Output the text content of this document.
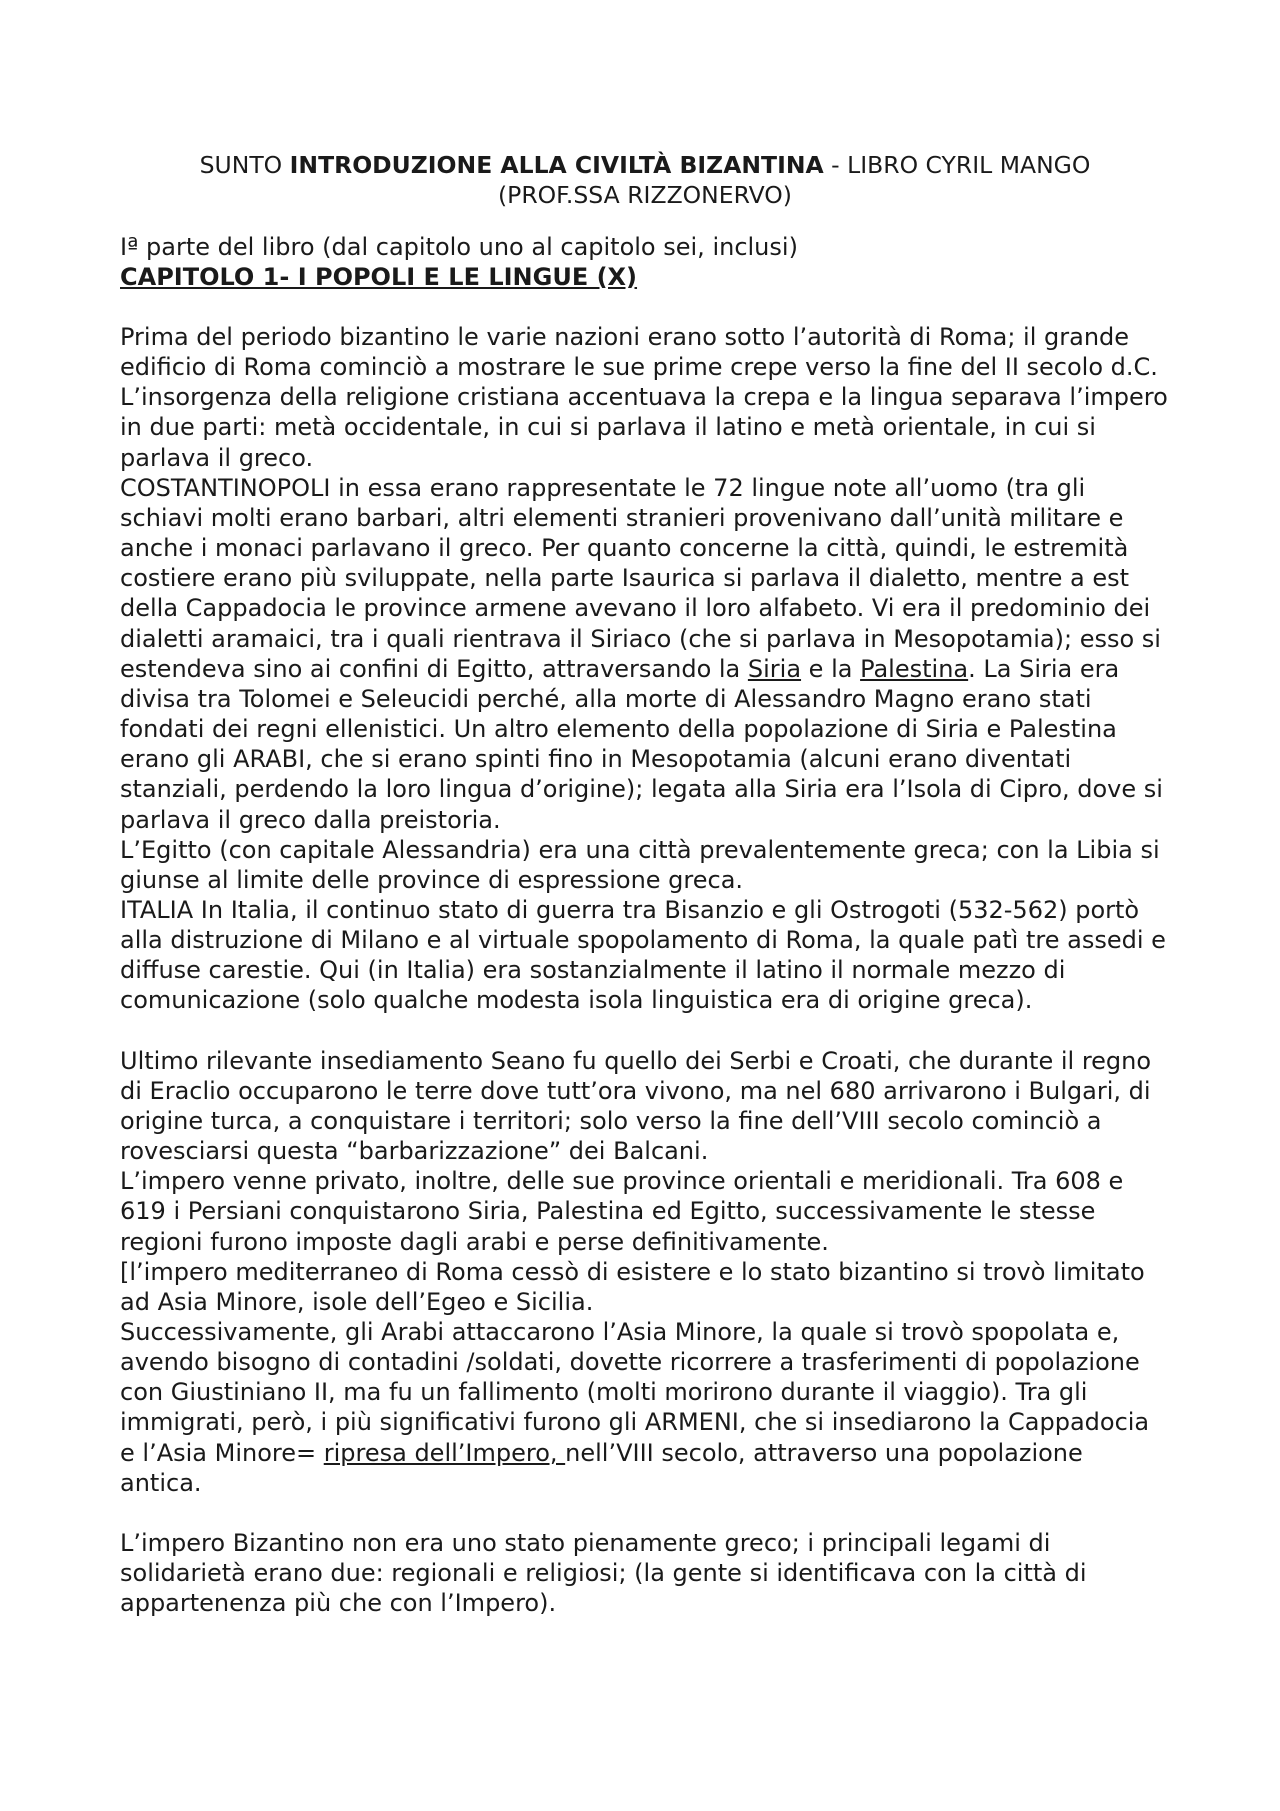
SUNTO INTRODUZIONE ALLA CIVILTÀ BIZANTINA - LIBRO CYRIL MANGO
(PROF.SSA RIZZONERVO)

Iª parte del libro (dal capitolo uno al capitolo sei, inclusi)

CAPITOLO 1- I POPOLI E LE LINGUE (X)

Prima del periodo bizantino le varie nazioni erano sotto l’autorità di Roma; il grande edificio di Roma cominciò a mostrare le sue prime crepe verso la fine del II secolo d.C. L’insorgenza della religione cristiana accentuava la crepa e la lingua separava l’impero in due parti: metà occidentale, in cui si parlava il latino e metà orientale, in cui si parlava il greco.

COSTANTINOPOLI in essa erano rappresentate le 72 lingue note all’uomo (tra gli schiavi molti erano barbari, altri elementi stranieri provenivano dall’unità militare e anche i monaci parlavano il greco. Per quanto concerne la città, quindi, le estremità costiere erano più sviluppate, nella parte Isaurica si parlava il dialetto, mentre a est della Cappadocia le province armene avevano il loro alfabeto. Vi era il predominio dei dialetti aramaici, tra i quali rientrava il Siriaco (che si parlava in Mesopotamia); esso si estendeva sino ai confini di Egitto, attraversando la Siria e la Palestina. La Siria era divisa tra Tolomei e Seleucidi perché, alla morte di Alessandro Magno erano stati fondati dei regni ellenistici. Un altro elemento della popolazione di Siria e Palestina erano gli ARABI, che si erano spinti fino in Mesopotamia (alcuni erano diventati stanziali, perdendo la loro lingua d’origine); legata alla Siria era l’Isola di Cipro, dove si parlava il greco dalla preistoria.

L’Egitto (con capitale Alessandria) era una città prevalentemente greca; con la Libia si giunse al limite delle province di espressione greca.

ITALIA In Italia, il continuo stato di guerra tra Bisanzio e gli Ostrogoti (532-562) portò alla distruzione di Milano e al virtuale spopolamento di Roma, la quale patì tre assedi e diffuse carestie. Qui (in Italia) era sostanzialmente il latino il normale mezzo di comunicazione (solo qualche modesta isola linguistica era di origine greca).

Ultimo rilevante insediamento Seano fu quello dei Serbi e Croati, che durante il regno di Eraclio occuparono le terre dove tutt’ora vivono, ma nel 680 arrivarono i Bulgari, di origine turca, a conquistare i territori; solo verso la fine dell’VIII secolo cominciò a rovesciarsi questa “barbarizzazione” dei Balcani.

L’impero venne privato, inoltre, delle sue province orientali e meridionali. Tra 608 e 619 i Persiani conquistarono Siria, Palestina ed Egitto, successivamente le stesse regioni furono imposte dagli arabi e perse definitivamente.

[l’impero mediterraneo di Roma cessò di esistere e lo stato bizantino si trovò limitato ad Asia Minore, isole dell’Egeo e Sicilia.

Successivamente, gli Arabi attaccarono l’Asia Minore, la quale si trovò spopolata e, avendo bisogno di contadini /soldati, dovette ricorrere a trasferimenti di popolazione con Giustiniano II, ma fu un fallimento (molti morirono durante il viaggio). Tra gli immigrati, però, i più significativi furono gli ARMENI, che si insediarono la Cappadocia e l’Asia Minore= ripresa dell’Impero, nell’VIII secolo, attraverso una popolazione antica.

L’impero Bizantino non era uno stato pienamente greco; i principali legami di solidarietà erano due: regionali e religiosi; (la gente si identificava con la città di appartenenza più che con l’Impero).
